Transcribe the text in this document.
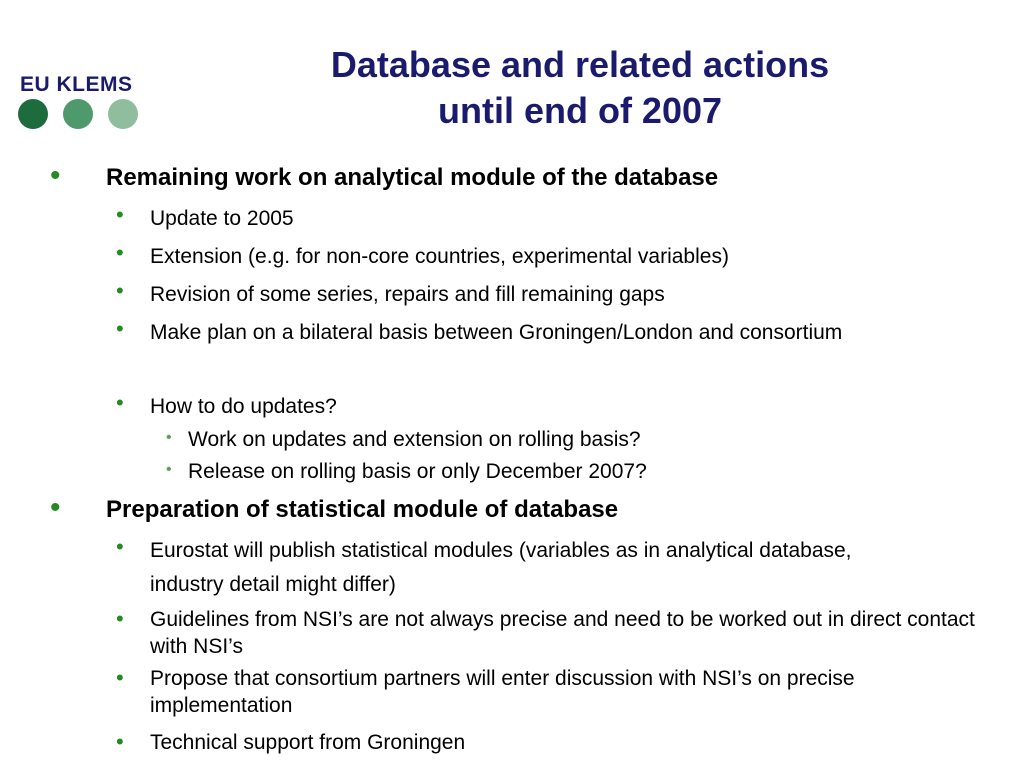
EU KLEMS	Database and related actions
until end of 2007
• Remaining work on analytical module of the database
• Update to 2005
• Extension (e.g. for non-core countries, experimental variables)
• Revision of some series, repairs and fill remaining gaps
• Make plan on a bilateral basis between Groningen/London and consortium
• How to do updates?
• Work on updates and extension on rolling basis?
• Release on rolling basis or only December 2007?
• Preparation of statistical module of database
• Eurostat will publish statistical modules (variables as in analytical database, industry detail might differ)
• Guidelines from NSI’s are not always precise and need to be worked out in direct contact with NSI’s
• Propose that consortium partners will enter discussion with NSI’s on precise implementation
• Technical support from Groningen
